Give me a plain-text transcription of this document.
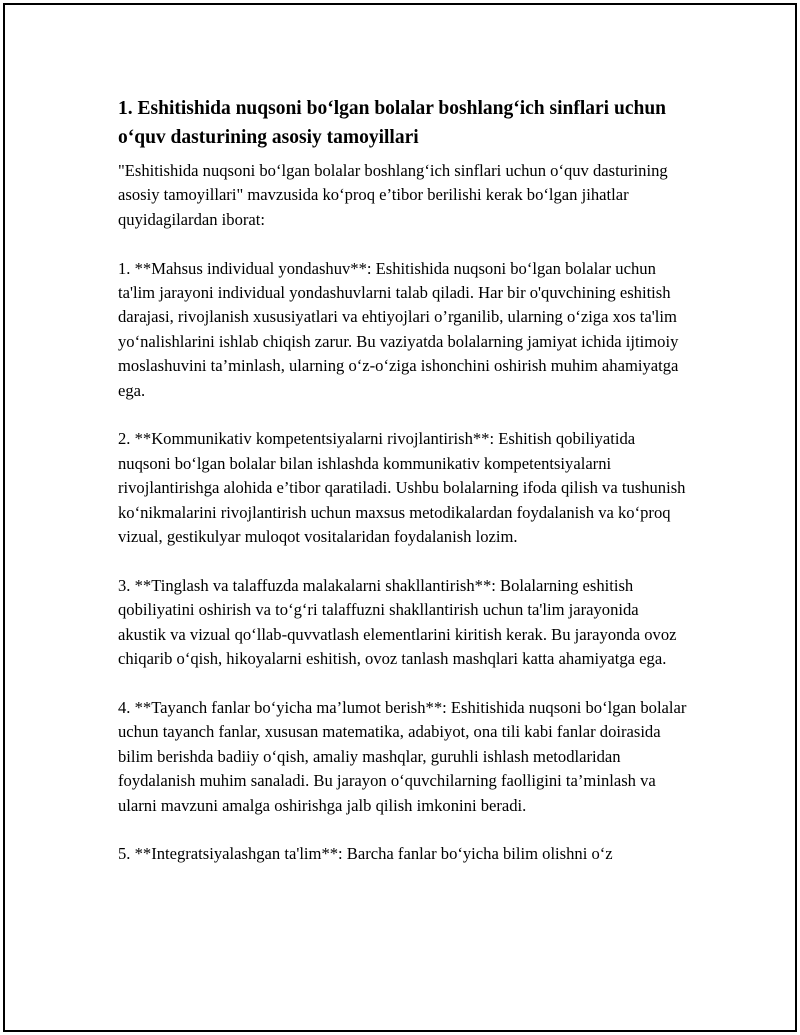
1. Eshitishida nuqsoni bo‘lgan bolalar boshlang‘ich sinflari uchun o‘quv dasturining asosiy tamoyillari

"Eshitishida nuqsoni bo‘lgan bolalar boshlang‘ich sinflari uchun o‘quv dasturining asosiy tamoyillari" mavzusida ko‘proq e’tibor berilishi kerak bo‘lgan jihatlar quyidagilardan iborat:

1. **Mahsus individual yondashuv**: Eshitishida nuqsoni bo‘lgan bolalar uchun ta'lim jarayoni individual yondashuvlarni talab qiladi. Har bir o'quvchining eshitish darajasi, rivojlanish xususiyatlari va ehtiyojlari o’rganilib, ularning o‘ziga xos ta'lim yo‘nalishlarini ishlab chiqish zarur. Bu vaziyatda bolalarning jamiyat ichida ijtimoiy moslashuvini ta’minlash, ularning o‘z-o‘ziga ishonchini oshirish muhim ahamiyatga ega.

2. **Kommunikativ kompetentsiyalarni rivojlantirish**: Eshitish qobiliyatida nuqsoni bo‘lgan bolalar bilan ishlashda kommunikativ kompetentsiyalarni rivojlantirishga alohida e’tibor qaratiladi. Ushbu bolalarning ifoda qilish va tushunish ko‘nikmalarini rivojlantirish uchun maxsus metodikalardan foydalanish va ko‘proq vizual, gestikulyar muloqot vositalaridan foydalanish lozim.

3. **Tinglash va talaffuzda malakalarni shakllantirish**: Bolalarning eshitish qobiliyatini oshirish va to‘g‘ri talaffuzni shakllantirish uchun ta'lim jarayonida akustik va vizual qo‘llab-quvvatlash elementlarini kiritish kerak. Bu jarayonda ovoz chiqarib o‘qish, hikoyalarni eshitish, ovoz tanlash mashqlari katta ahamiyatga ega.

4. **Tayanch fanlar bo‘yicha ma’lumot berish**: Eshitishida nuqsoni bo‘lgan bolalar uchun tayanch fanlar, xususan matematika, adabiyot, ona tili kabi fanlar doirasida bilim berishda badiiy o‘qish, amaliy mashqlar, guruhli ishlash metodlaridan foydalanish muhim sanaladi. Bu jarayon o‘quvchilarning faolligini ta’minlash va ularni mavzuni amalga oshirishga jalb qilish imkonini beradi.

5. **Integratsiyalashgan ta'lim**: Barcha fanlar bo‘yicha bilim olishni o‘z
